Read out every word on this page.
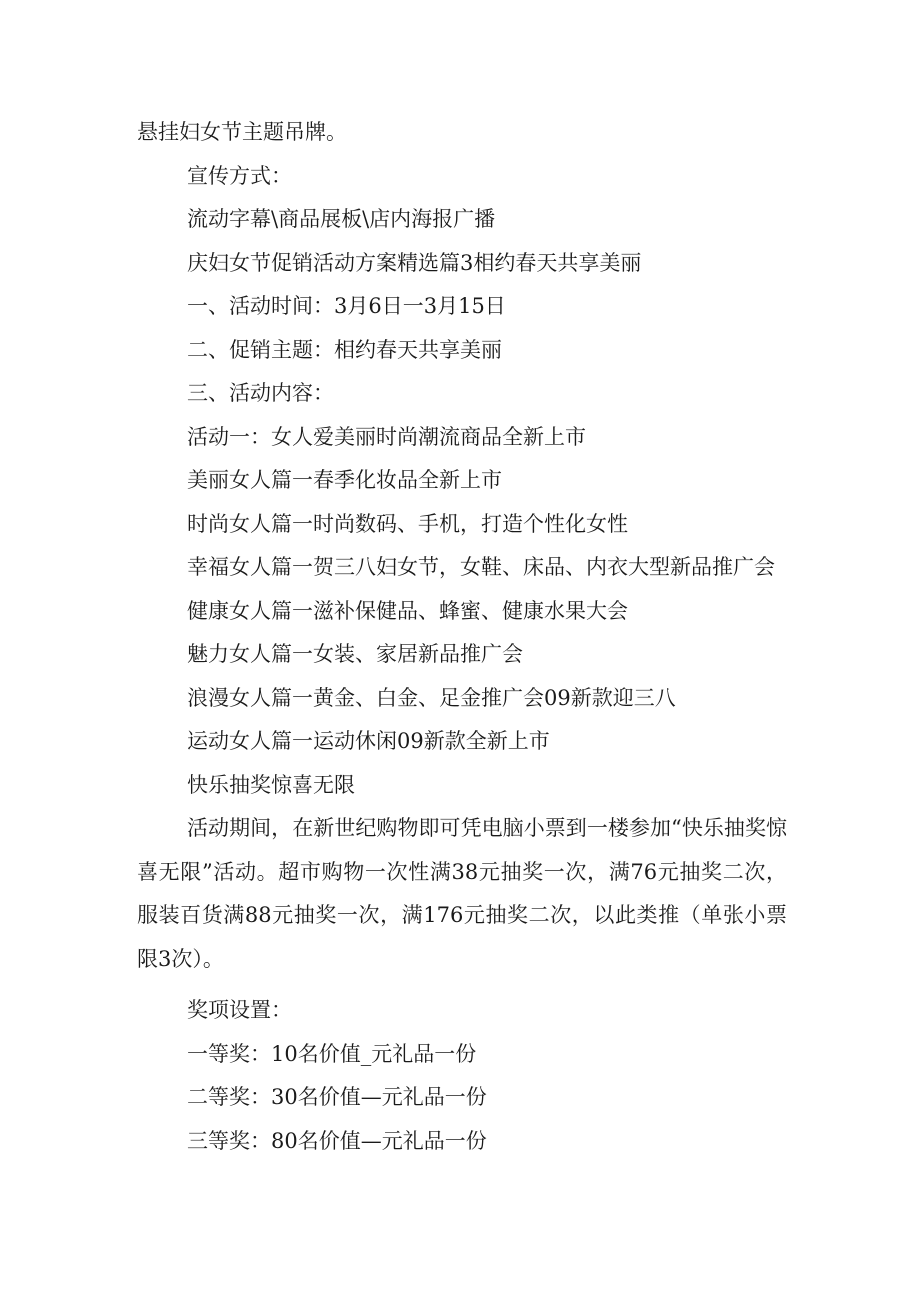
悬挂妇女节主题吊牌。

宣传方式：

流动字幕\商品展板\店内海报广播

庆妇女节促销活动方案精选篇3相约春天共享美丽

一、活动时间：3月6日一3月15日

二、促销主题：相约春天共享美丽

三、活动内容：

活动一：女人爱美丽时尚潮流商品全新上市

美丽女人篇一春季化妆品全新上市

时尚女人篇一时尚数码、手机，打造个性化女性

幸福女人篇一贺三八妇女节，女鞋、床品、内衣大型新品推广会

健康女人篇一滋补保健品、蜂蜜、健康水果大会

魅力女人篇一女装、家居新品推广会

浪漫女人篇一黄金、白金、足金推广会09新款迎三八

运动女人篇一运动休闲09新款全新上市

快乐抽奖惊喜无限

活动期间，在新世纪购物即可凭电脑小票到一楼参加“快乐抽奖惊喜无限”活动。超市购物一次性满38元抽奖一次，满76元抽奖二次，服装百货满88元抽奖一次，满176元抽奖二次，以此类推（单张小票限3次）。

奖项设置：

一等奖：10名价值_元礼品一份

二等奖：30名价值—元礼品一份

三等奖：80名价值—元礼品一份
